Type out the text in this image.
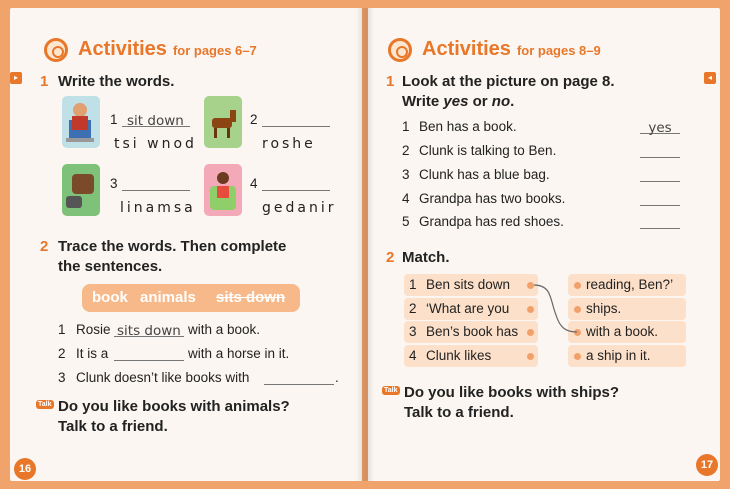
▸
Activities for pages 6–7
1 Write the words.
1 sit down
tsi wnod
2
roshe
3
linamsa
4
gedanir
2 Trace the words. Then complete
the sentences.
book animals sits down
1 Rosie sits down with a book.
2 It is a	with a horse in it.
3 Clunk doesn’t like books with	.
Talk Do you like books with animals?
Talk to a friend.
16
◂
Activities for pages 8–9
1 Look at the picture on page 8.
Write yes or no.
1 Ben has a book.	yes
2 Clunk is talking to Ben.
3 Clunk has a blue bag.
4 Grandpa has two books.
5 Grandpa has red shoes.
2 Match.
1 Ben sits down
2 ‘What are you
3 Ben’s book has
4 Clunk likes
reading, Ben?’
ships.
with a book.
a ship in it.
Talk Do you like books with ships?
Talk to a friend.
17
